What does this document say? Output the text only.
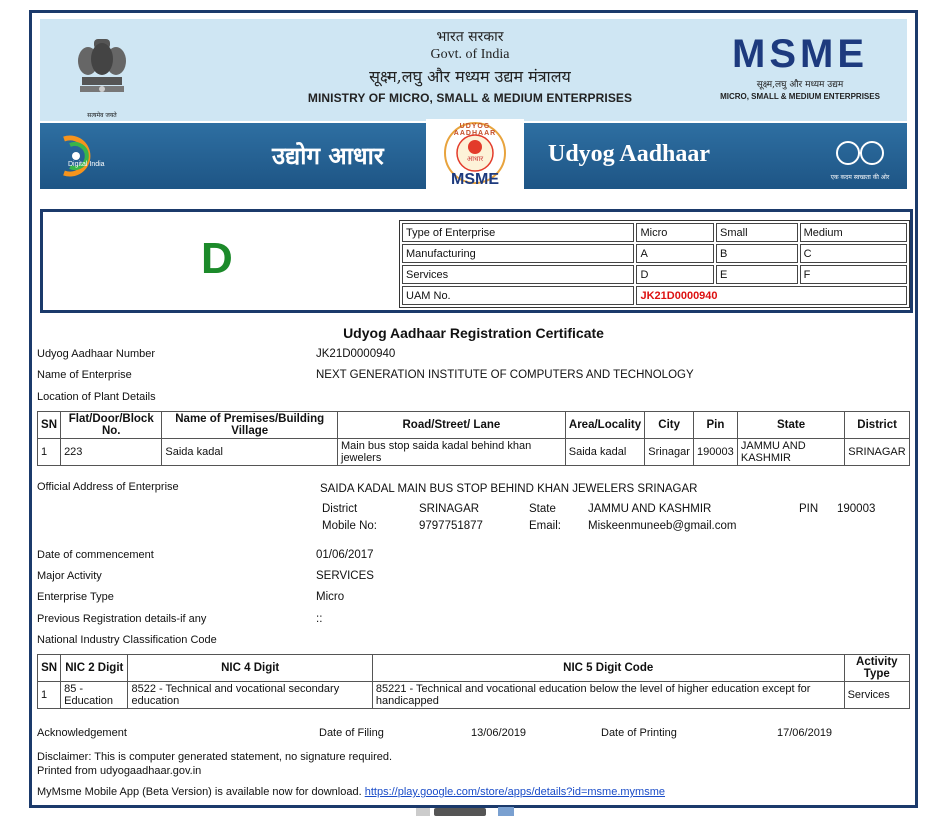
सत्यमेव जयते
भारत सरकार
Govt. of India
सूक्ष्म,लघु और मध्यम उद्यम मंत्रालय
MINISTRY OF MICRO, SMALL & MEDIUM ENTERPRISES
MSME
सूक्ष्म,लघु और मध्यम उद्यम
MICRO, SMALL & MEDIUM ENTERPRISES
Digital India	उद्योग आधार
UDYOG AADHAAR
आधार
MSME
Udyog Aadhaar
एक कदम स्वच्छता की ओर
D
Type of Enterprise	Micro	Small	Medium
Manufacturing	A	B	C
Services	D	E	F
UAM No.	JK21D0000940		
Udyog Aadhaar Registration Certificate
Udyog Aadhaar Number	JK21D0000940
Name of Enterprise	NEXT GENERATION INSTITUTE OF COMPUTERS AND TECHNOLOGY
Location of Plant Details
SN	Flat/Door/Block No.	Name of Premises/Building Village	Road/Street/ Lane	Area/Locality	City	Pin	State	District
1	223	Saida kadal	Main bus stop saida kadal behind khan jewelers	Saida kadal	Srinagar	190003	JAMMU AND KASHMIR	SRINAGAR
Official Address of Enterprise	SAIDA KADAL MAIN BUS STOP BEHIND KHAN JEWELERS SRINAGAR
District	SRINAGAR	State	JAMMU AND KASHMIR	PIN 190003
Mobile No:	9797751877	Email: Miskeenmuneeb@gmail.com
Date of commencement	01/06/2017
Major Activity	SERVICES
Enterprise Type	Micro
Previous Registration details-if any	::
National Industry Classification Code
SN	NIC 2 Digit	NIC 4 Digit	NIC 5 Digit Code	Activity Type
1	85 - Education	8522 - Technical and vocational secondary education	85221 - Technical and vocational education below the level of higher education except for handicapped	Services
Acknowledgement	Date of Filing	13/06/2019	Date of Printing	17/06/2019
Disclaimer: This is computer generated statement, no signature required.
Printed from udyogaadhaar.gov.in
MyMsme Mobile App (Beta Version) is available now for download. https://play.google.com/store/apps/details?id=msme.mymsme
